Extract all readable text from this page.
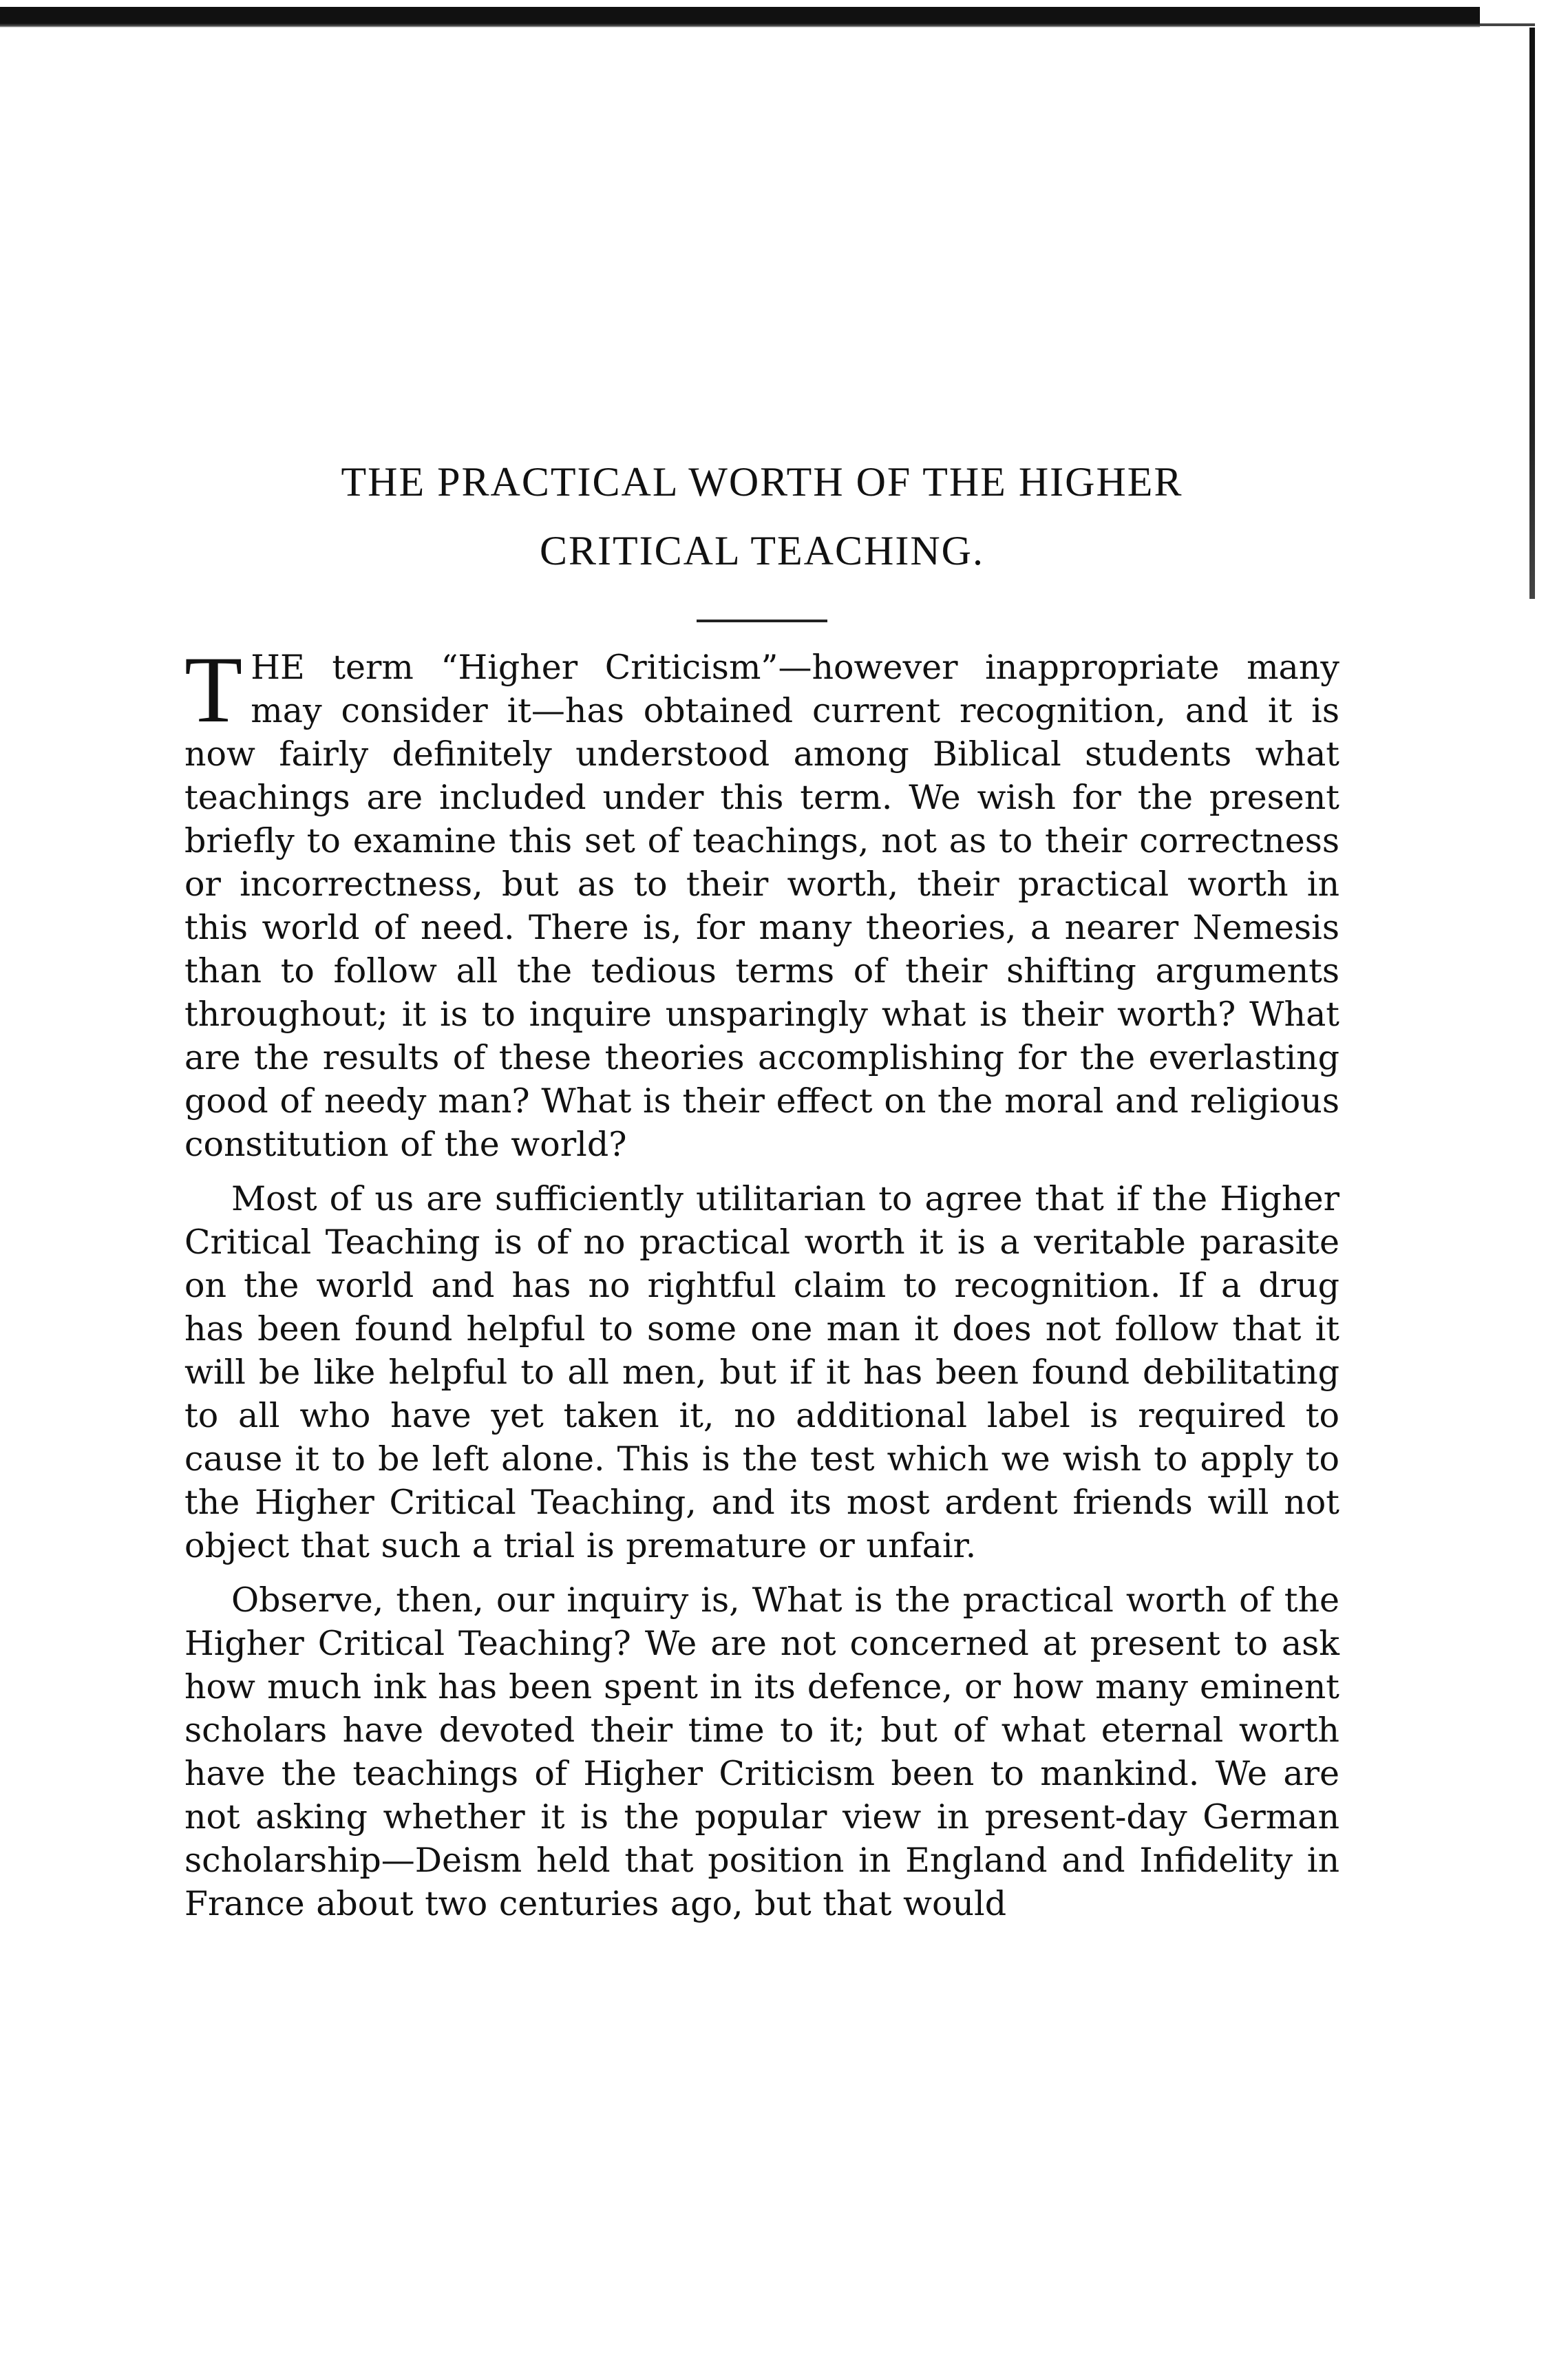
THE PRACTICAL WORTH OF THE HIGHER
CRITICAL TEACHING.

THE term “Higher Criticism”—however inappropriate many may consider it—has obtained current recognition, and it is now fairly definitely understood among Biblical students what teachings are included under this term. We wish for the present briefly to examine this set of teachings, not as to their correctness or incorrectness, but as to their worth, their practical worth in this world of need. There is, for many theories, a nearer Nemesis than to follow all the tedious terms of their shifting arguments throughout; it is to inquire unsparingly what is their worth? What are the results of these theories accomplishing for the everlasting good of needy man? What is their effect on the moral and religious constitution of the world?

Most of us are sufficiently utilitarian to agree that if the Higher Critical Teaching is of no practical worth it is a veritable parasite on the world and has no rightful claim to recognition. If a drug has been found helpful to some one man it does not follow that it will be like helpful to all men, but if it has been found debilitating to all who have yet taken it, no additional label is required to cause it to be left alone. This is the test which we wish to apply to the Higher Critical Teaching, and its most ardent friends will not object that such a trial is premature or unfair.

Observe, then, our inquiry is, What is the practical worth of the Higher Critical Teaching? We are not concerned at present to ask how much ink has been spent in its defence, or how many eminent scholars have devoted their time to it; but of what eternal worth have the teachings of Higher Criticism been to mankind. We are not asking whether it is the popular view in present-day German scholarship—Deism held that position in England and Infidelity in France about two centuries ago, but that would
